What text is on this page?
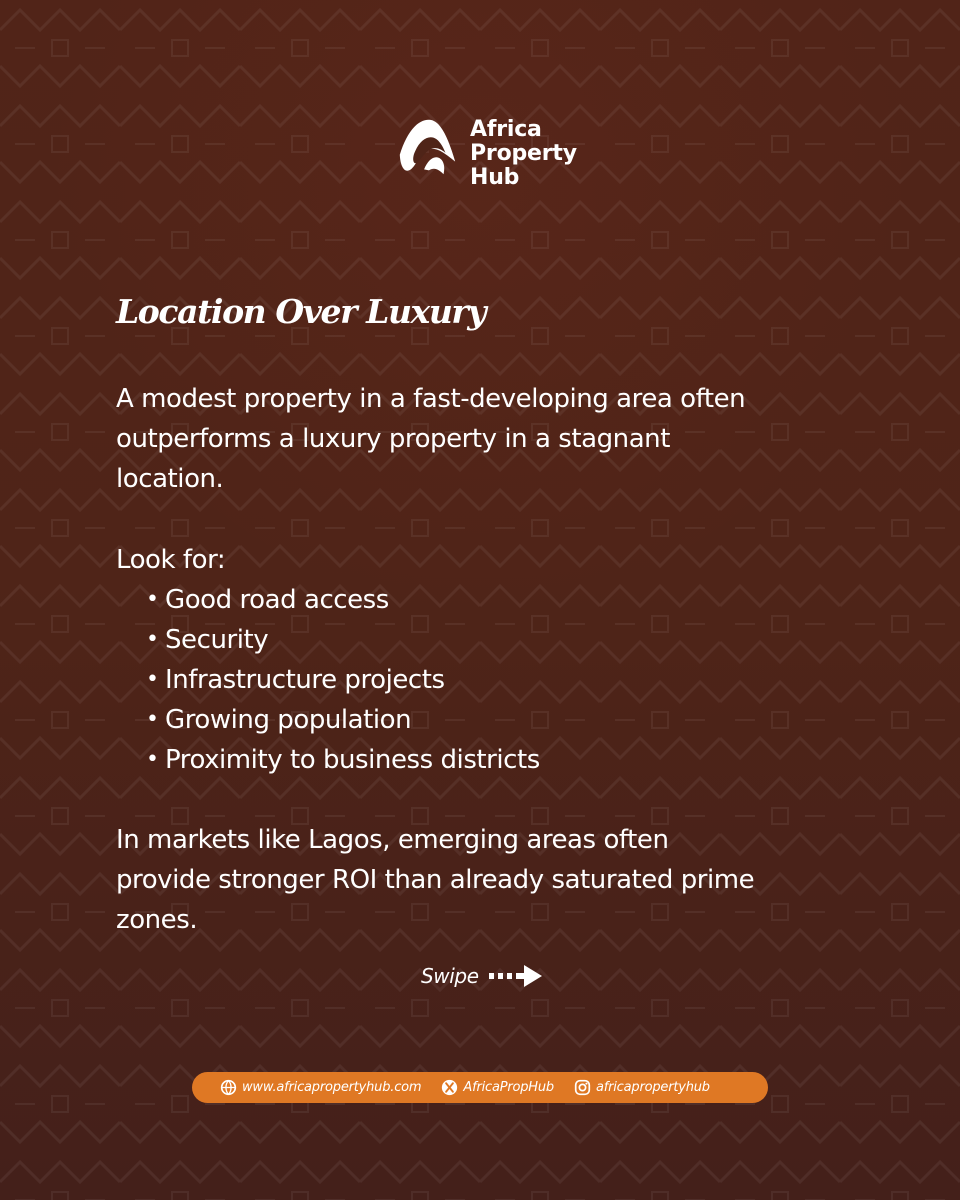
Africa
Property
Hub
Location Over Luxury

A modest property in a fast-developing area often outperforms a luxury property in a stagnant location.

Look for:

• Good road access
• Security
• Infrastructure projects
• Growing population
• Proximity to business districts

In markets like Lagos, emerging areas often provide stronger ROI than already saturated prime zones.

Swipe
www.africapropertyhub.com	AfricaPropHub	africapropertyhub
